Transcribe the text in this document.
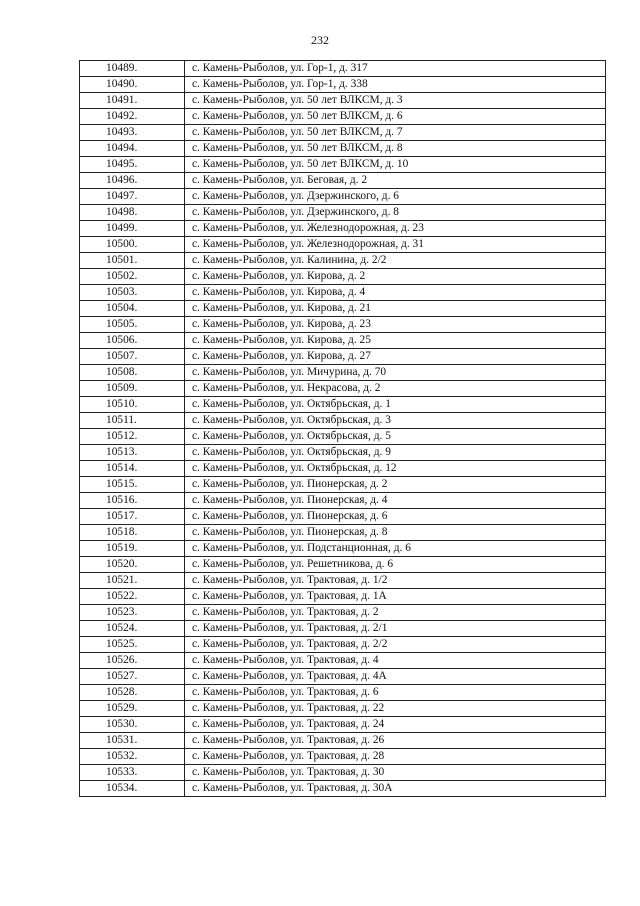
232
10489.	с. Камень-Рыболов, ул. Гор-1, д. 317
10490.	с. Камень-Рыболов, ул. Гор-1, д. 338
10491.	с. Камень-Рыболов, ул. 50 лет ВЛКСМ, д. 3
10492.	с. Камень-Рыболов, ул. 50 лет ВЛКСМ, д. 6
10493.	с. Камень-Рыболов, ул. 50 лет ВЛКСМ, д. 7
10494.	с. Камень-Рыболов, ул. 50 лет ВЛКСМ, д. 8
10495.	с. Камень-Рыболов, ул. 50 лет ВЛКСМ, д. 10
10496.	с. Камень-Рыболов, ул. Беговая, д. 2
10497.	с. Камень-Рыболов, ул. Дзержинского, д. 6
10498.	с. Камень-Рыболов, ул. Дзержинского, д. 8
10499.	с. Камень-Рыболов, ул. Железнодорожная, д. 23
10500.	с. Камень-Рыболов, ул. Железнодорожная, д. 31
10501.	с. Камень-Рыболов, ул. Калинина, д. 2/2
10502.	с. Камень-Рыболов, ул. Кирова, д. 2
10503.	с. Камень-Рыболов, ул. Кирова, д. 4
10504.	с. Камень-Рыболов, ул. Кирова, д. 21
10505.	с. Камень-Рыболов, ул. Кирова, д. 23
10506.	с. Камень-Рыболов, ул. Кирова, д. 25
10507.	с. Камень-Рыболов, ул. Кирова, д. 27
10508.	с. Камень-Рыболов, ул. Мичурина, д. 70
10509.	с. Камень-Рыболов, ул. Некрасова, д. 2
10510.	с. Камень-Рыболов, ул. Октябрьская, д. 1
10511.	с. Камень-Рыболов, ул. Октябрьская, д. 3
10512.	с. Камень-Рыболов, ул. Октябрьская, д. 5
10513.	с. Камень-Рыболов, ул. Октябрьская, д. 9
10514.	с. Камень-Рыболов, ул. Октябрьская, д. 12
10515.	с. Камень-Рыболов, ул. Пионерская, д. 2
10516.	с. Камень-Рыболов, ул. Пионерская, д. 4
10517.	с. Камень-Рыболов, ул. Пионерская, д. 6
10518.	с. Камень-Рыболов, ул. Пионерская, д. 8
10519.	с. Камень-Рыболов, ул. Подстанционная, д. 6
10520.	с. Камень-Рыболов, ул. Решетникова, д. 6
10521.	с. Камень-Рыболов, ул. Трактовая, д. 1/2
10522.	с. Камень-Рыболов, ул. Трактовая, д. 1А
10523.	с. Камень-Рыболов, ул. Трактовая, д. 2
10524.	с. Камень-Рыболов, ул. Трактовая, д. 2/1
10525.	с. Камень-Рыболов, ул. Трактовая, д. 2/2
10526.	с. Камень-Рыболов, ул. Трактовая, д. 4
10527.	с. Камень-Рыболов, ул. Трактовая, д. 4А
10528.	с. Камень-Рыболов, ул. Трактовая, д. 6
10529.	с. Камень-Рыболов, ул. Трактовая, д. 22
10530.	с. Камень-Рыболов, ул. Трактовая, д. 24
10531.	с. Камень-Рыболов, ул. Трактовая, д. 26
10532.	с. Камень-Рыболов, ул. Трактовая, д. 28
10533.	с. Камень-Рыболов, ул. Трактовая, д. 30
10534.	с. Камень-Рыболов, ул. Трактовая, д. 30А
